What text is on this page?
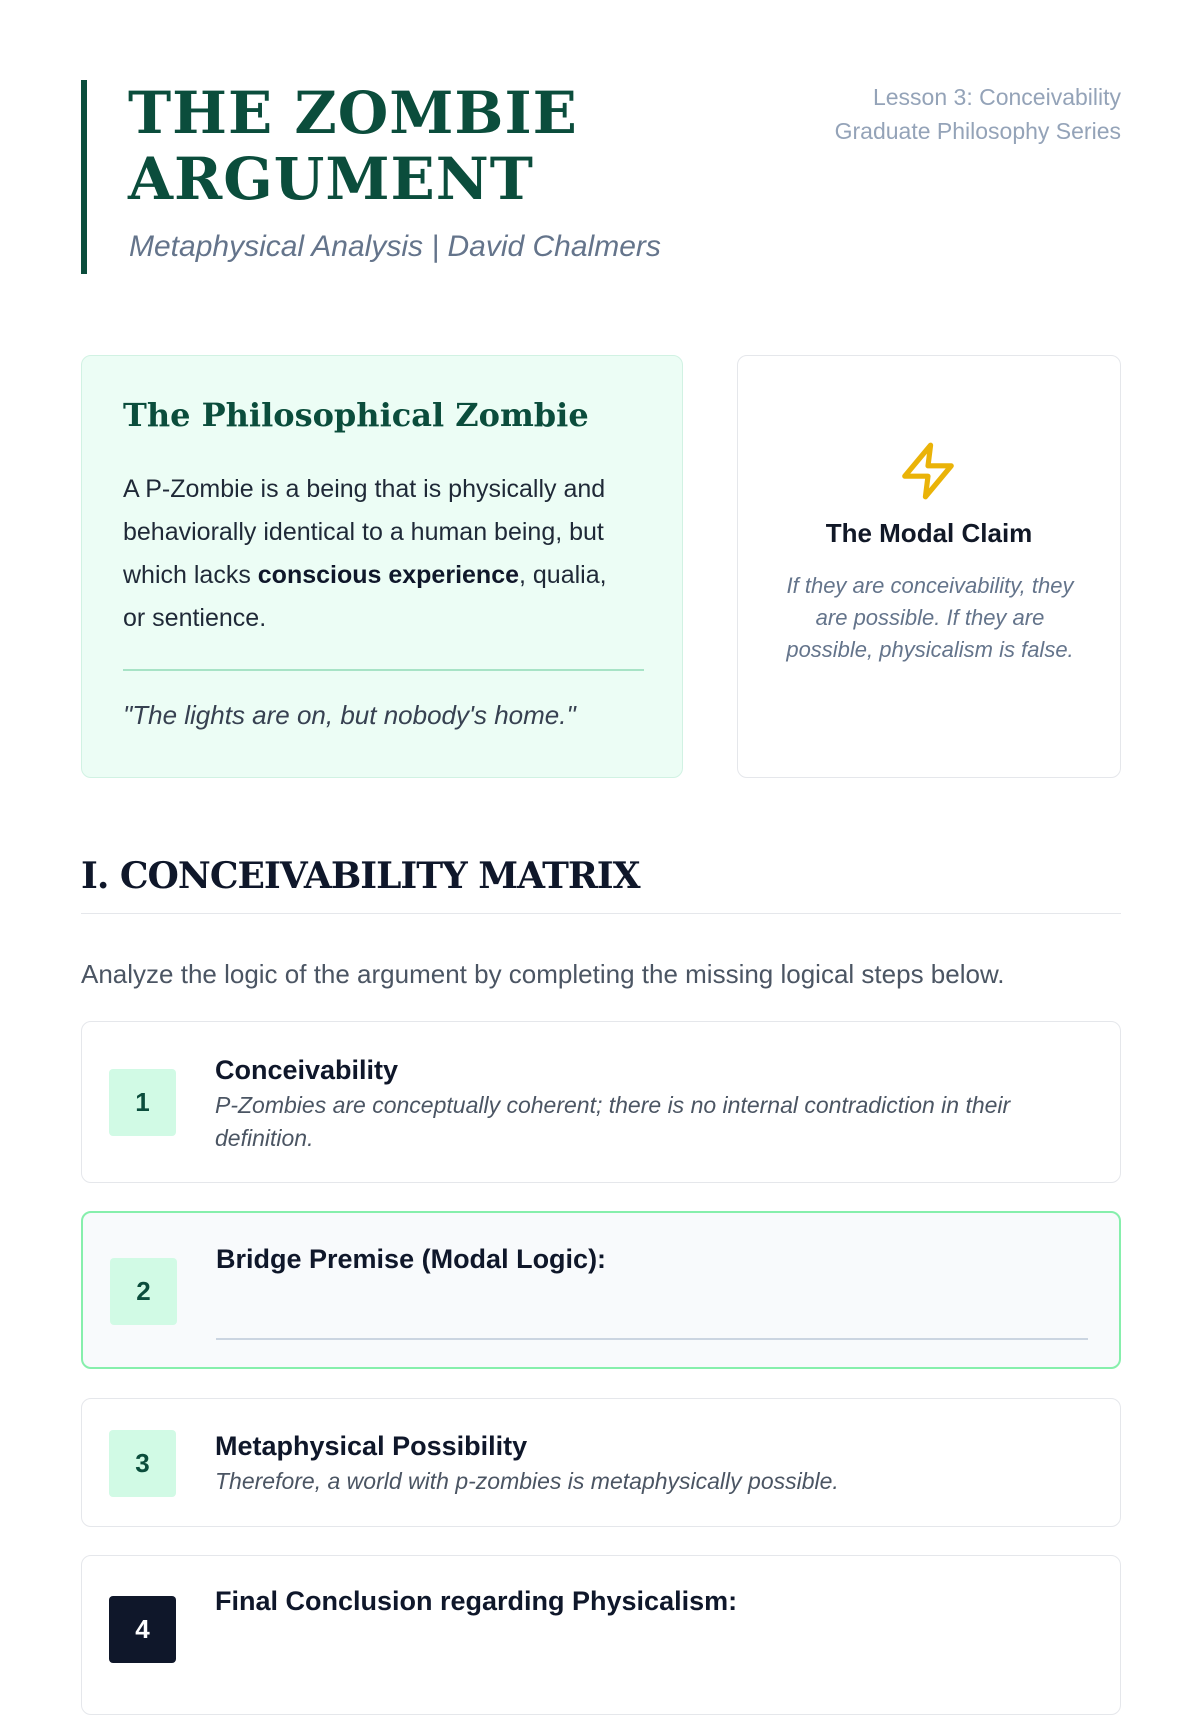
THE ZOMBIE ARGUMENT

Metaphysical Analysis | David Chalmers

Lesson 3: Conceivability
Graduate Philosophy Series
The Philosophical Zombie

A P-Zombie is a being that is physically and behaviorally identical to a human being, but which lacks conscious experience, qualia, or sentience.

"The lights are on, but nobody's home."

The Modal Claim

If they are conceivability, they are possible. If they are possible, physicalism is false.

I. CONCEIVABILITY MATRIX

Analyze the logic of the argument by completing the missing logical steps below.

1
Conceivability

P-Zombies are conceptually coherent; there is no internal contradiction in their definition.

2
Bridge Premise (Modal Logic):
3
Metaphysical Possibility

Therefore, a world with p-zombies is metaphysically possible.

4
Final Conclusion regarding Physicalism:
